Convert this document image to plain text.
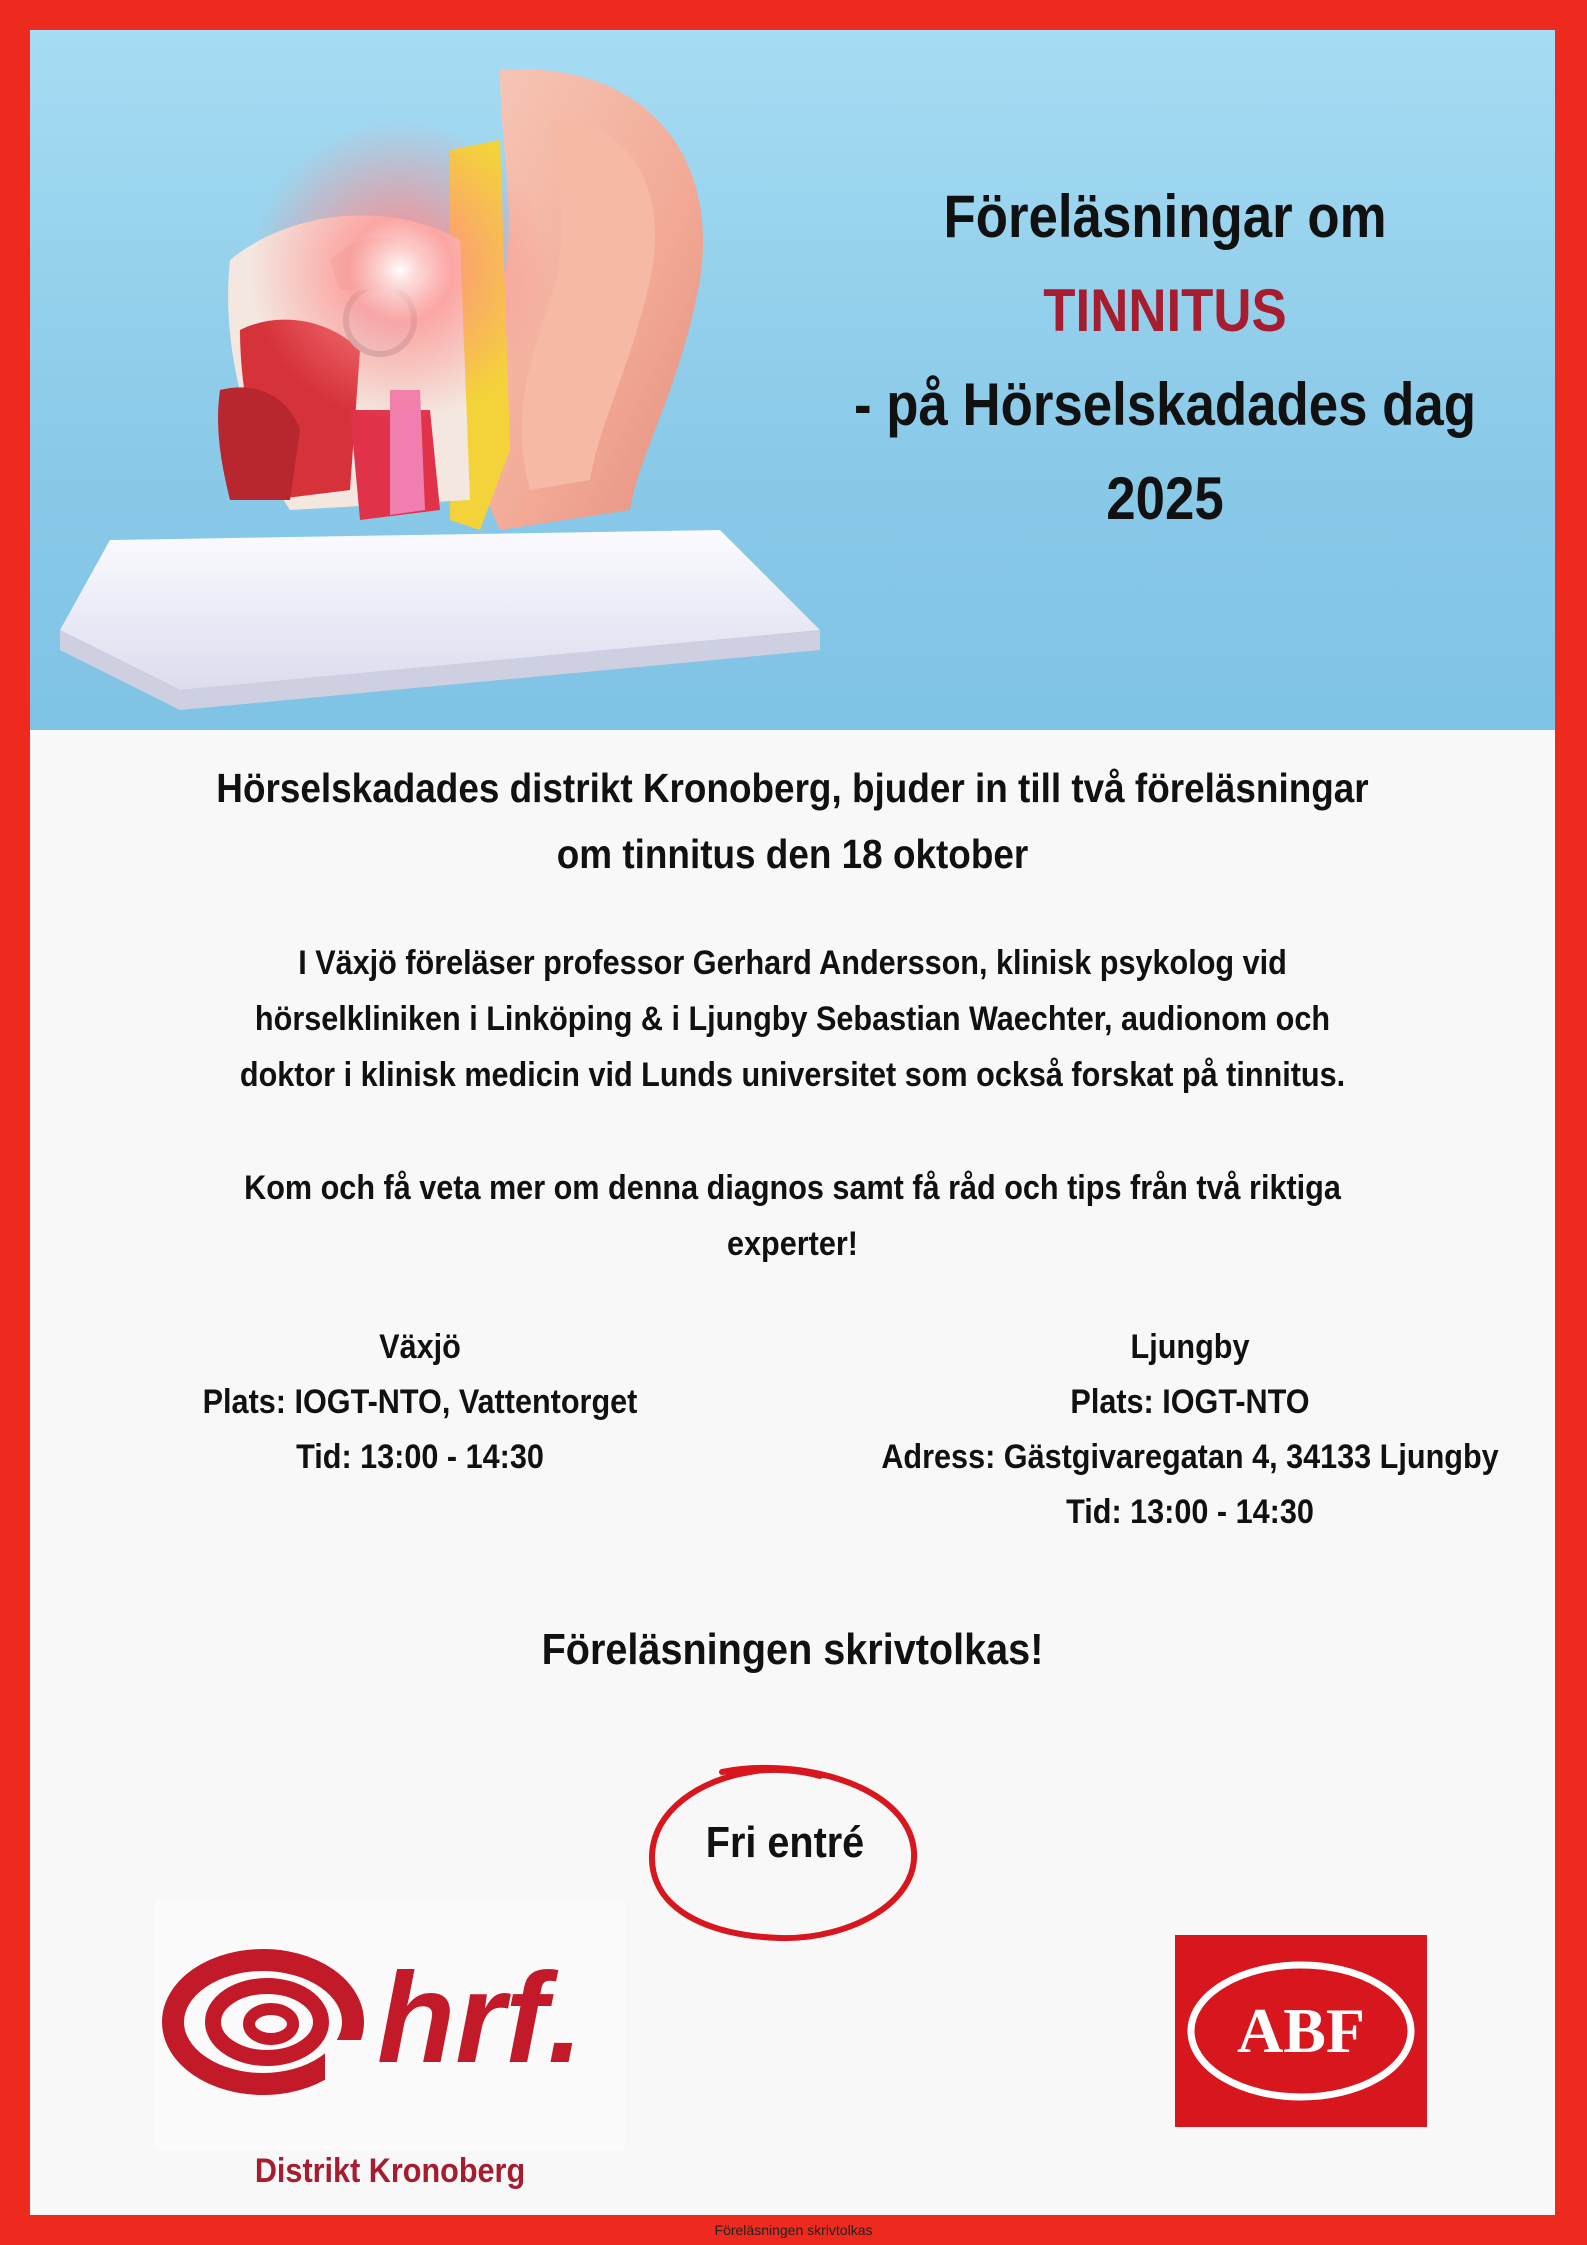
Föreläsningar om
TINNITUS
- på Hörselskadades dag
2025
Hörselskadades distrikt Kronoberg, bjuder in till två föreläsningar
om tinnitus den 18 oktober
I Växjö föreläser professor Gerhard Andersson, klinisk psykolog vid
hörselkliniken i Linköping & i Ljungby Sebastian Waechter, audionom och
doktor i klinisk medicin vid Lunds universitet som också forskat på tinnitus.
Kom och få veta mer om denna diagnos samt få råd och tips från två riktiga
experter!
Växjö
Plats: IOGT-NTO, Vattentorget
Tid: 13:00 - 14:30
Ljungby
Plats: IOGT-NTO
Adress: Gästgivaregatan 4, 34133 Ljungby
Tid: 13:00 - 14:30
Föreläsningen skrivtolkas!
Fri entré
hrf.
Distrikt Kronoberg
ABF
Föreläsningen skrivtolkas
